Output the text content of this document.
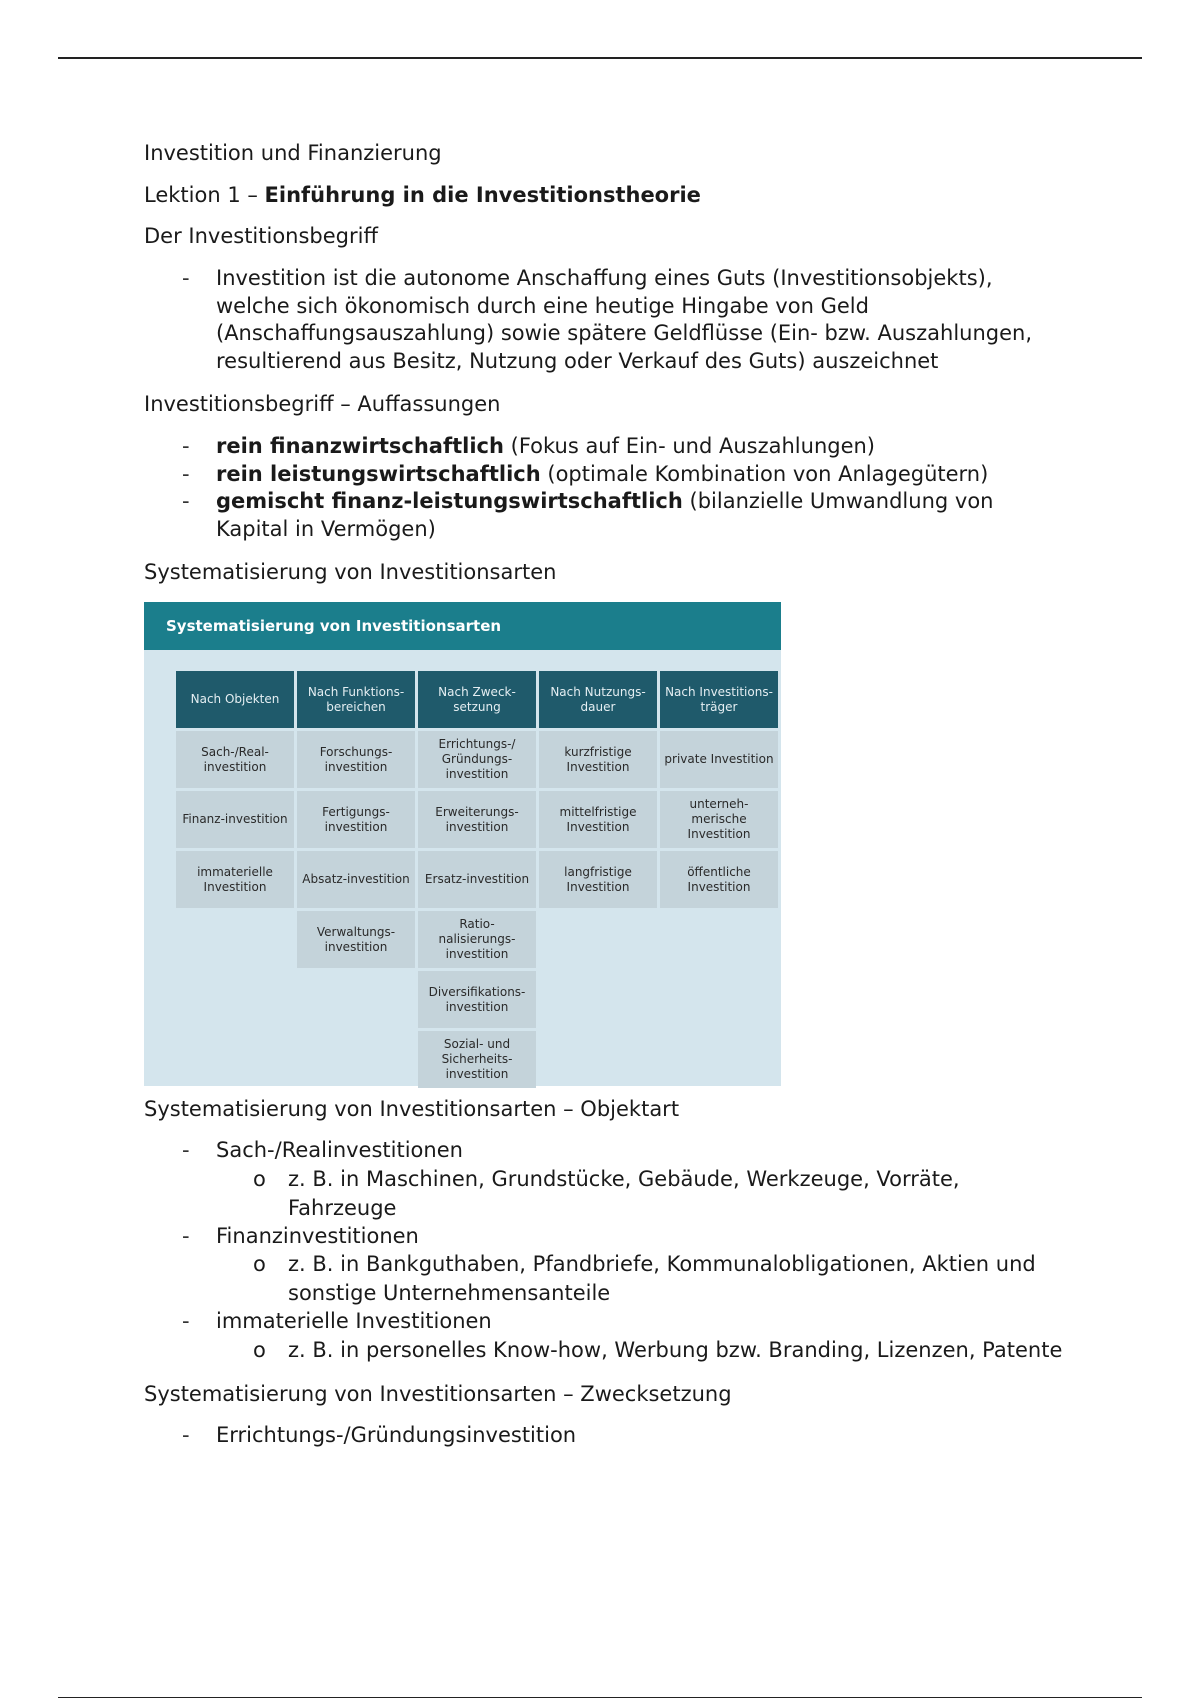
Investition und Finanzierung

Lektion 1 – Einführung in die Investitionstheorie

Der Investitionsbegriff

- Investition ist die autonome Anschaffung eines Guts (Investitionsobjekts), welche sich ökonomisch durch eine heutige Hingabe von Geld (Anschaffungsauszahlung) sowie spätere Geldflüsse (Ein- bzw. Auszahlungen, resultierend aus Besitz, Nutzung oder Verkauf des Guts) auszeichnet

Investitionsbegriff – Auffassungen

- rein finanzwirtschaftlich (Fokus auf Ein- und Auszahlungen)
- rein leistungswirtschaftlich (optimale Kombination von Anlagegütern)
- gemischt finanz-leistungswirtschaftlich (bilanzielle Umwandlung von Kapital in Vermögen)

Systematisierung von Investitionsarten

Systematisierung von Investitionsarten
Nach Objekten
Sach-/Real-investition
Finanz-investition
immaterielle Investition
Nach Funktions-bereichen
Forschungs-investition
Fertigungs-investition
Absatz-investition
Verwaltungs-investition
Nach Zweck-setzung
Errichtungs-/ Gründungs-investition
Erweiterungs-investition
Ersatz-investition
Ratio-nalisierungs-investition
Diversifikations-investition
Sozial- und Sicherheits-investition
Nach Nutzungs-dauer
kurzfristige Investition
mittelfristige Investition
langfristige Investition
Nach Investitions-träger
private Investition
unterneh-merische Investition
öffentliche Investition

Systematisierung von Investitionsarten – Objektart

- Sach-/Realinvestitionen
o z. B. in Maschinen, Grundstücke, Gebäude, Werkzeuge, Vorräte, Fahrzeuge
- Finanzinvestitionen
o z. B. in Bankguthaben, Pfandbriefe, Kommunalobligationen, Aktien und sonstige Unternehmensanteile
- immaterielle Investitionen
o z. B. in personelles Know-how, Werbung bzw. Branding, Lizenzen, Patente

Systematisierung von Investitionsarten – Zwecksetzung

- Errichtungs-/Gründungsinvestition
